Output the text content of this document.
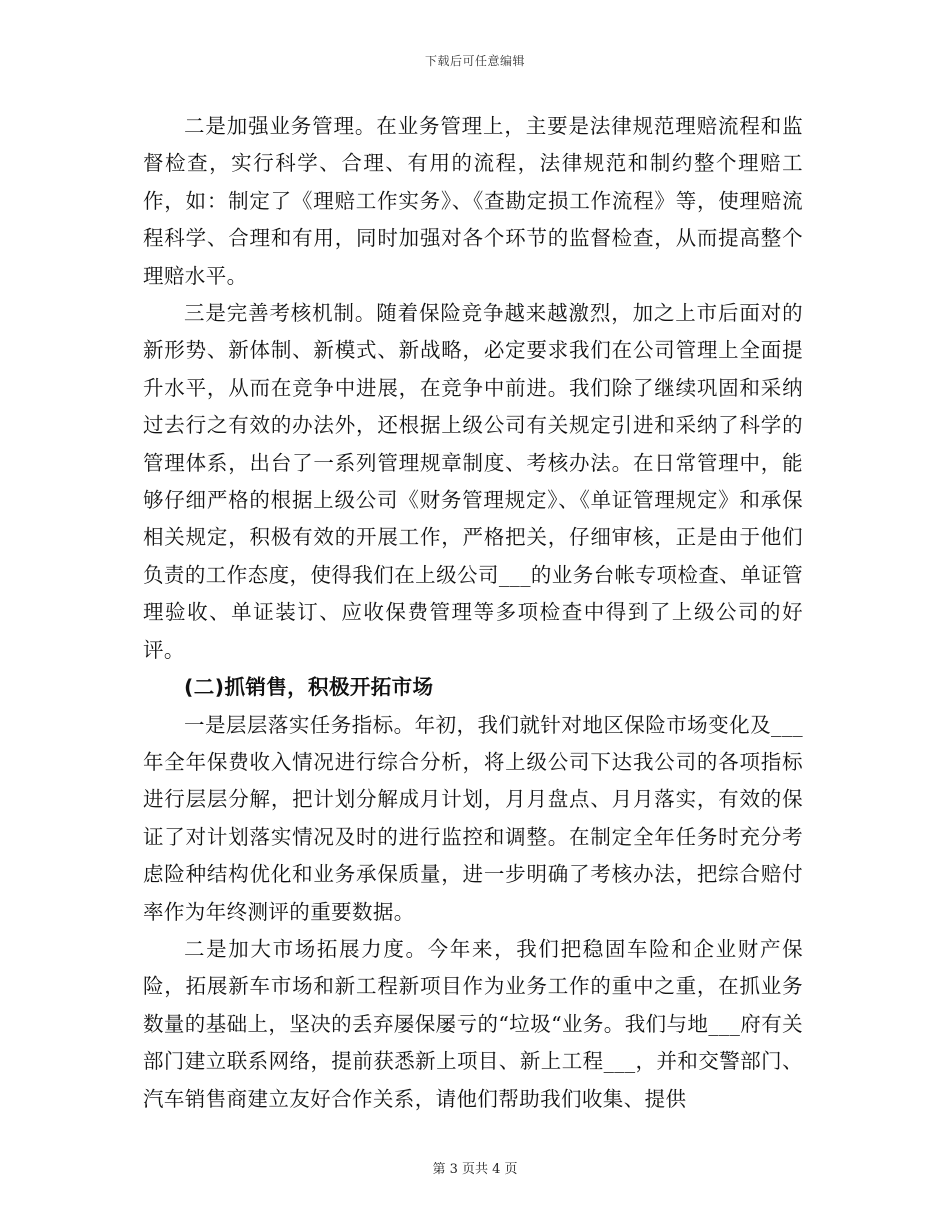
下载后可任意编辑

二是加强业务管理。在业务管理上，主要是法律规范理赔流程和监督检查，实行科学、合理、有用的流程，法律规范和制约整个理赔工作，如：制定了《理赔工作实务》、《查勘定损工作流程》等，使理赔流程科学、合理和有用，同时加强对各个环节的监督检查，从而提高整个理赔水平。

三是完善考核机制。随着保险竞争越来越激烈，加之上市后面对的新形势、新体制、新模式、新战略，必定要求我们在公司管理上全面提升水平，从而在竞争中进展，在竞争中前进。我们除了继续巩固和采纳过去行之有效的办法外，还根据上级公司有关规定引进和采纳了科学的管理体系，出台了一系列管理规章制度、考核办法。在日常管理中，能够仔细严格的根据上级公司《财务管理规定》、《单证管理规定》和承保相关规定，积极有效的开展工作，严格把关，仔细审核，正是由于他们负责的工作态度，使得我们在上级公司___的业务台帐专项检查、单证管理验收、单证装订、应收保费管理等多项检查中得到了上级公司的好评。

(二)抓销售，积极开拓市场

一是层层落实任务指标。年初，我们就针对地区保险市场变化及___年全年保费收入情况进行综合分析，将上级公司下达我公司的各项指标进行层层分解，把计划分解成月计划，月月盘点、月月落实，有效的保证了对计划落实情况及时的进行监控和调整。在制定全年任务时充分考虑险种结构优化和业务承保质量，进一步明确了考核办法，把综合赔付率作为年终测评的重要数据。

二是加大市场拓展力度。今年来，我们把稳固车险和企业财产保险，拓展新车市场和新工程新项目作为业务工作的重中之重，在抓业务数量的基础上，坚决的丢弃屡保屡亏的“垃圾“业务。我们与地___府有关部门建立联系网络，提前获悉新上项目、新上工程___，并和交警部门、汽车销售商建立友好合作关系，请他们帮助我们收集、提供

第 3 页共 4 页
